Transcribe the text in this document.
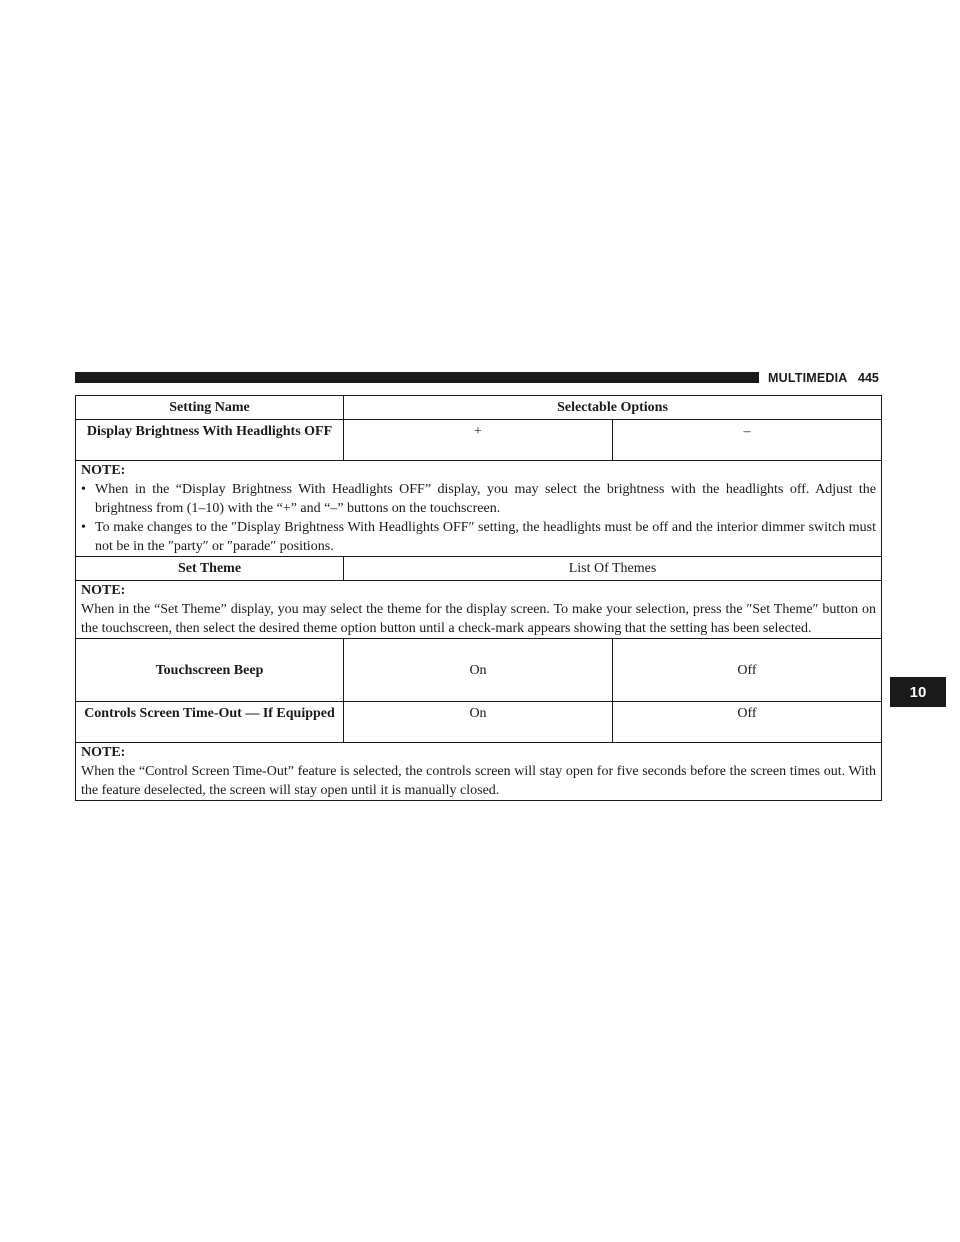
MULTIMEDIA 445
10
Setting Name	Selectable Options	
Display Brightness With Headlights OFF	+	–

NOTE:
• When in the “Display Brightness With Headlights OFF” display, you may select the brightness with the headlights off. Adjust the brightness from (1–10) with the “+” and “–” buttons on the touchscreen.
• To make changes to the ″Display Brightness With Headlights OFF″ setting, the headlights must be off and the interior dimmer switch must not be in the ″party″ or ″parade″ positions.		

Set Theme	List Of Themes	

NOTE:
When in the “Set Theme” display, you may select the theme for the display screen. To make your selection, press the ″Set Theme″ button on the touchscreen, then select the desired theme option button until a check-mark appears showing that the setting has been selected.		
Touchscreen Beep	On	Off
Controls Screen Time-Out — If Equipped	On	Off

NOTE:
When the “Control Screen Time-Out” feature is selected, the controls screen will stay open for five seconds before the screen times out. With the feature deselected, the screen will stay open until it is manually closed.		
